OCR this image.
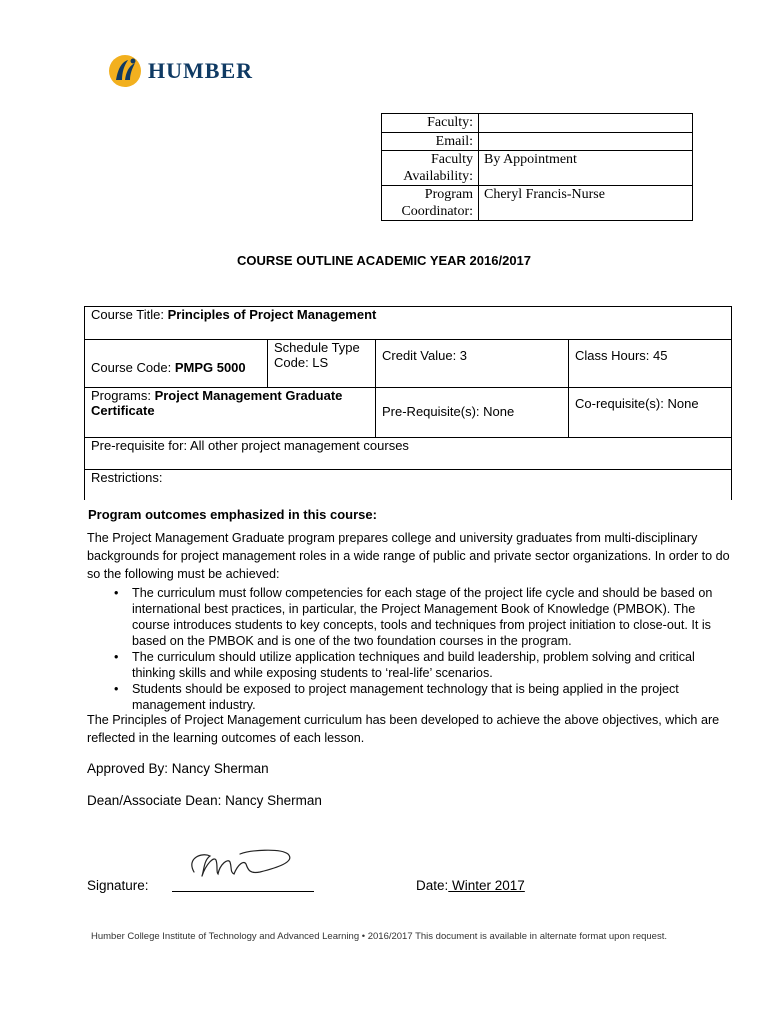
HUMBER
Faculty:	
Email:	
Faculty Availability:	By Appointment
Program Coordinator:	Cheryl Francis-Nurse
COURSE OUTLINE ACADEMIC YEAR 2016/2017
Course Title: Principles of Project Management			
Course Code: PMPG 5000	Schedule Type Code: LS	Credit Value: 3	Class Hours: 45
Programs: Project Management Graduate Certificate		Pre-Requisite(s): None	Co-requisite(s): None
Pre-requisite for: All other project management courses			
Restrictions:			
Program outcomes emphasized in this course:

The Project Management Graduate program prepares college and university graduates from multi-disciplinary backgrounds for project management roles in a wide range of public and private sector organizations. In order to do so the following must be achieved:

• The curriculum must follow competencies for each stage of the project life cycle and should be based on international best practices, in particular, the Project Management Book of Knowledge (PMBOK). The course introduces students to key concepts, tools and techniques from project initiation to close-out. It is based on the PMBOK and is one of the two foundation courses in the program.
• The curriculum should utilize application techniques and build leadership, problem solving and critical thinking skills and while exposing students to ‘real-life’ scenarios.
• Students should be exposed to project management technology that is being applied in the project management industry.

The Principles of Project Management curriculum has been developed to achieve the above objectives, which are reflected in the learning outcomes of each lesson.

Approved By: Nancy Sherman
Dean/Associate Dean: Nancy Sherman
Signature:	Date: Winter 2017
Humber College Institute of Technology and Advanced Learning • 2016/2017 This document is available in alternate format upon request.
